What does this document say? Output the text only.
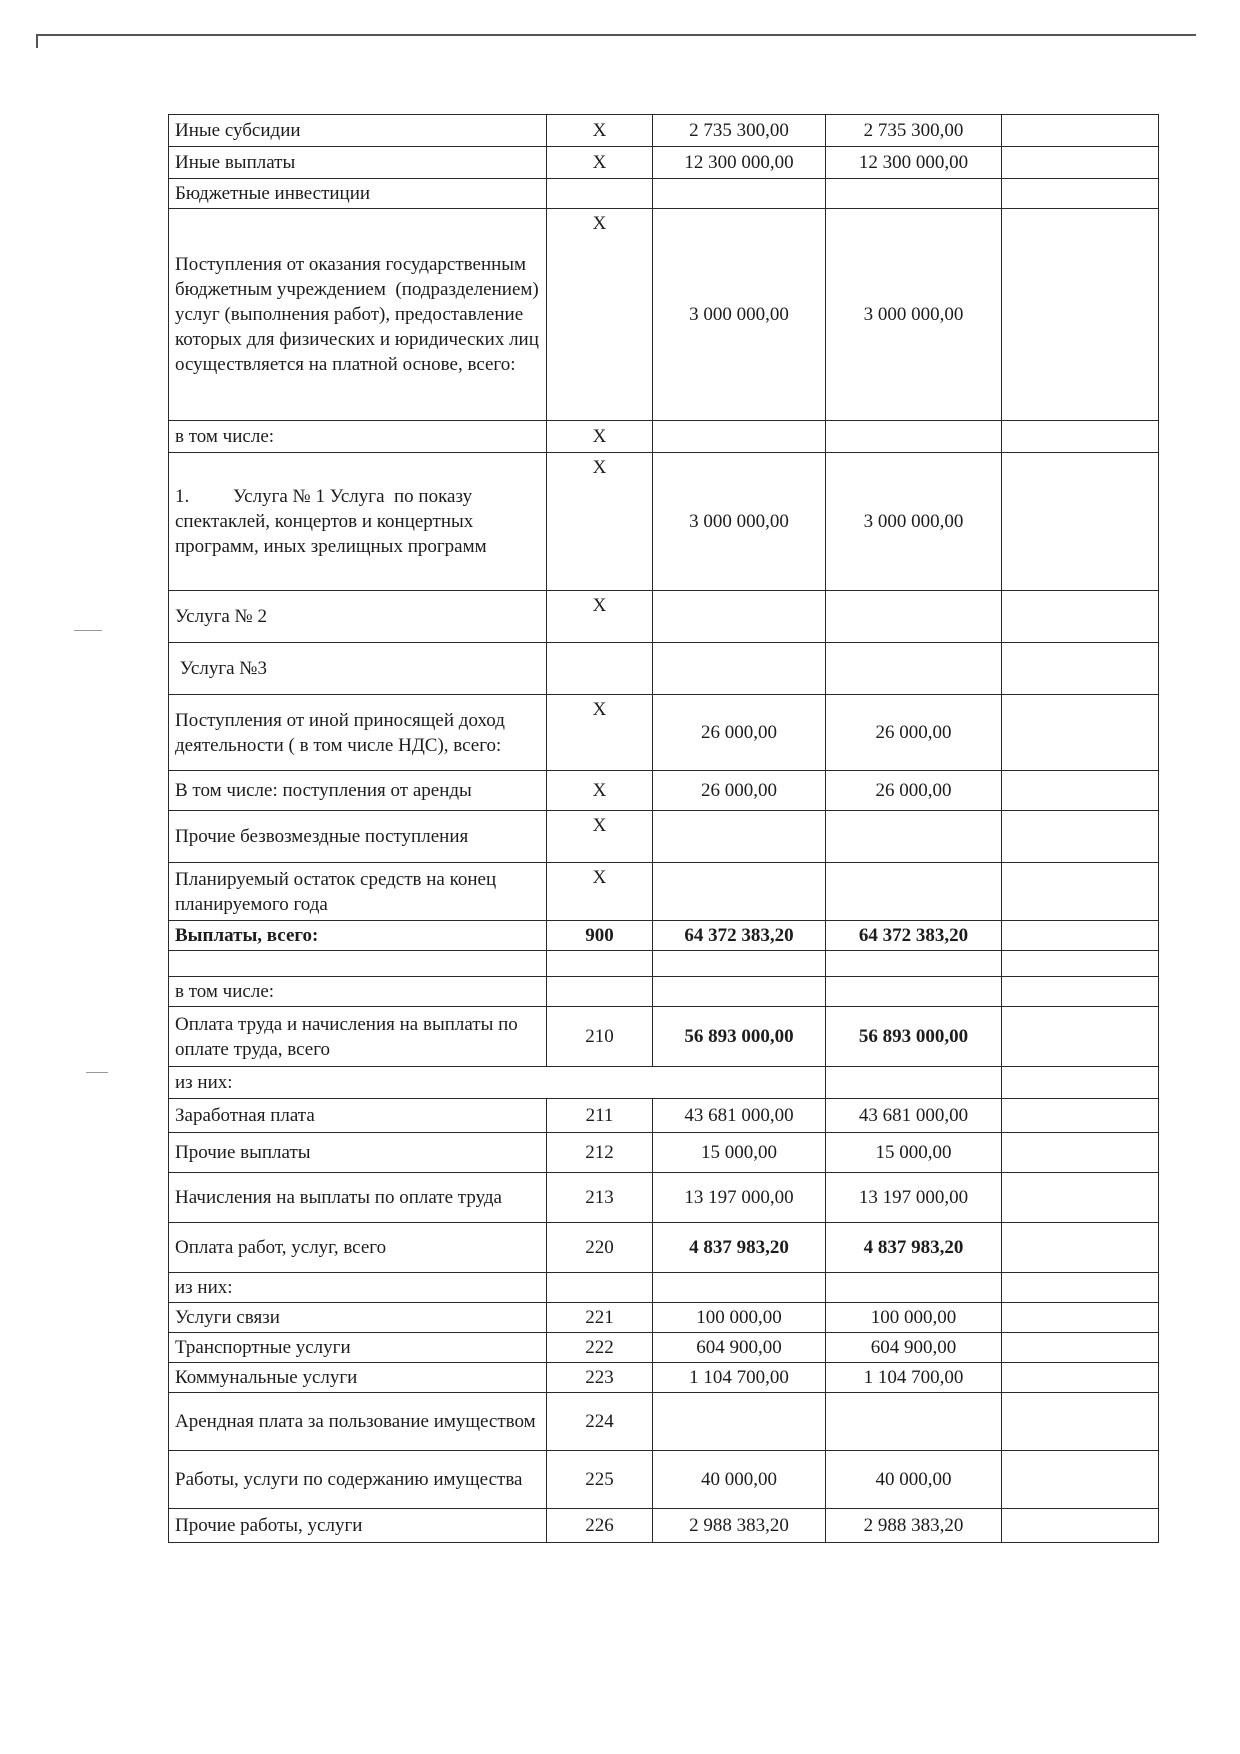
Иные субсидии	X	2 735 300,00	2 735 300,00	
Иные выплаты	X	12 300 000,00	12 300 000,00	
Бюджетные инвестиции				
Поступления от оказания государственным бюджетным учреждением  (подразделением) услуг (выполнения работ), предоставление которых для физических и юридических лиц осуществляется на платной основе, всего:	X	3 000 000,00	3 000 000,00	
в том числе:	X			
1. Услуга № 1 Услуга  по показу спектаклей, концертов и концертных программ, иных зрелищных программ	X	3 000 000,00	3 000 000,00	
Услуга № 2	X			
Услуга №3				
Поступления от иной приносящей доход деятельности ( в том числе НДС), всего:	X	26 000,00	26 000,00	
В том числе: поступления от аренды	X	26 000,00	26 000,00	
Прочие безвозмездные поступления	X			
Планируемый остаток средств на конец планируемого года	X			
Выплаты, всего:	900	64 372 383,20	64 372 383,20	

в том числе:				
Оплата труда и начисления на выплаты по оплате труда, всего	210	56 893 000,00	56 893 000,00	
из них:				
Заработная плата	211	43 681 000,00	43 681 000,00	
Прочие выплаты	212	15 000,00	15 000,00	
Начисления на выплаты по оплате труда	213	13 197 000,00	13 197 000,00	
Оплата работ, услуг, всего	220	4 837 983,20	4 837 983,20	
из них:				
Услуги связи	221	100 000,00	100 000,00	
Транспортные услуги	222	604 900,00	604 900,00	
Коммунальные услуги	223	1 104 700,00	1 104 700,00	
Арендная плата за пользование имуществом	224			
Работы, услуги по содержанию имущества	225	40 000,00	40 000,00	
Прочие работы, услуги	226	2 988 383,20	2 988 383,20	
